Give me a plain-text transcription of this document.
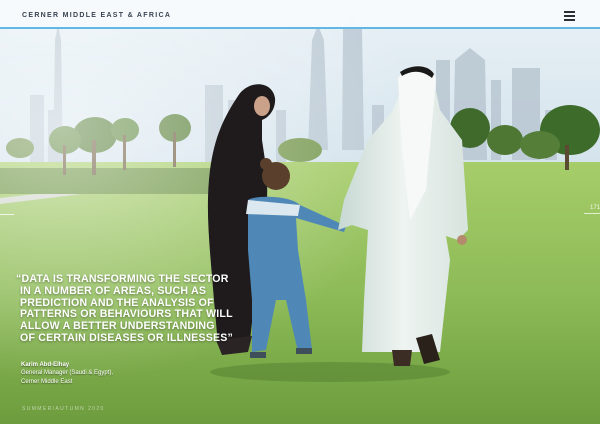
CERNER MIDDLE EAST & AFRICA
171
“DATA IS TRANSFORMING THE SECTOR
IN A NUMBER OF AREAS, SUCH AS
PREDICTION AND THE ANALYSIS OF
PATTERNS OR BEHAVIOURS THAT WILL
ALLOW A BETTER UNDERSTANDING
OF CERTAIN DISEASES OR ILLNESSES”
Karim Abd-Elhay
General Manager (Saudi & Egypt),
Cerner Middle East
SUMMER/AUTUMN 2020
